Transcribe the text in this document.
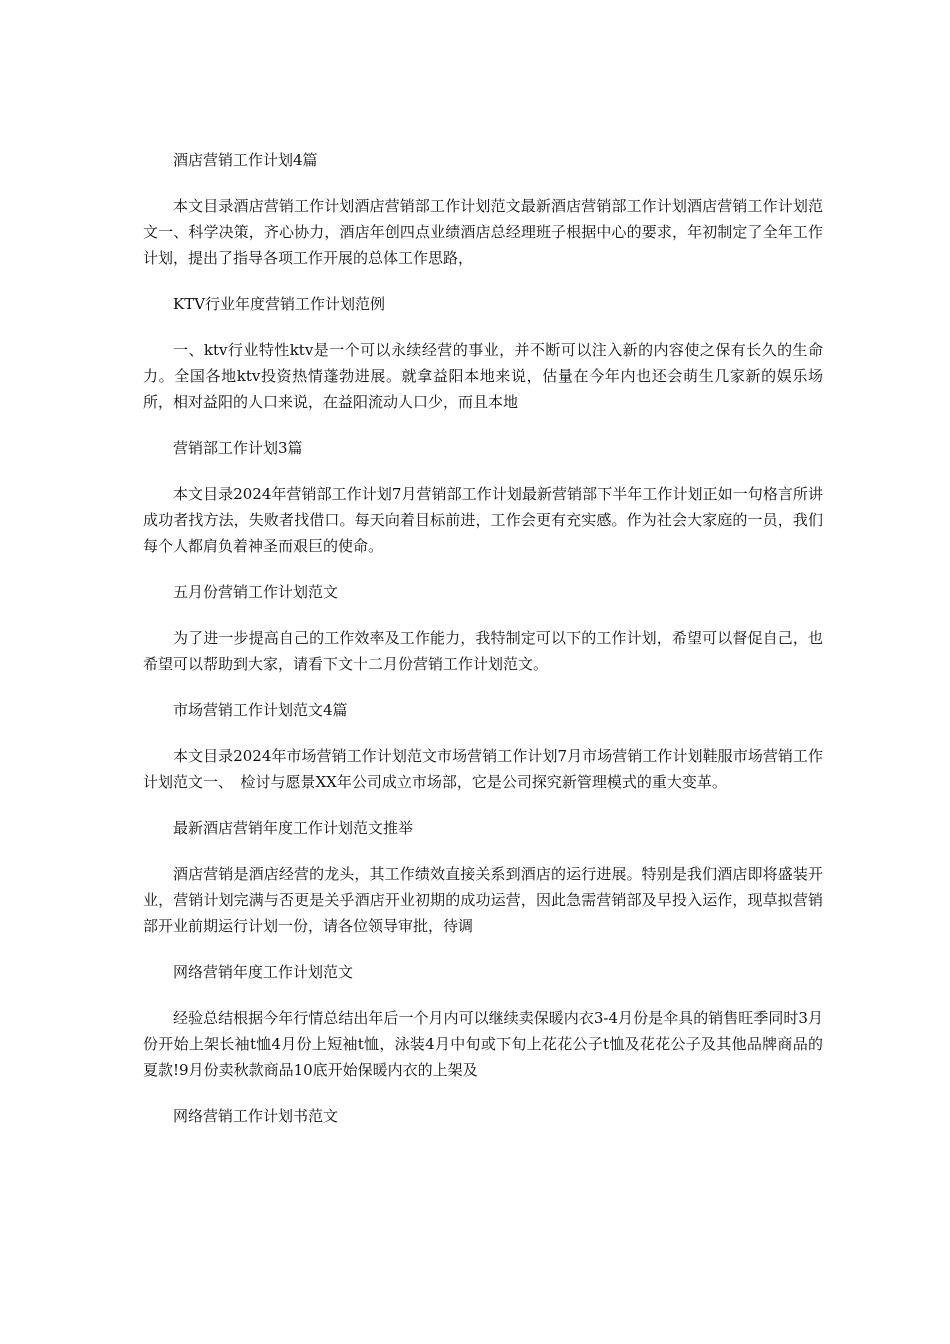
酒店营销工作计划4篇

本文目录酒店营销工作计划酒店营销部工作计划范文最新酒店营销部工作计划酒店营销工作计划范文一、科学决策，齐心协力，酒店年创四点业绩酒店总经理班子根据中心的要求，年初制定了全年工作计划，提出了指导各项工作开展的总体工作思路，

KTV行业年度营销工作计划范例

一、ktv行业特性ktv是一个可以永续经营的事业，并不断可以注入新的内容使之保有长久的生命力。全国各地ktv投资热情蓬勃进展。就拿益阳本地来说，估量在今年内也还会萌生几家新的娱乐场所，相对益阳的人口来说，在益阳流动人口少，而且本地

营销部工作计划3篇

本文目录2024年营销部工作计划7月营销部工作计划最新营销部下半年工作计划正如一句格言所讲成功者找方法，失败者找借口。每天向着目标前进，工作会更有充实感。作为社会大家庭的一员，我们每个人都肩负着神圣而艰巨的使命。

五月份营销工作计划范文

为了进一步提高自己的工作效率及工作能力，我特制定可以下的工作计划，希望可以督促自己，也希望可以帮助到大家，请看下文十二月份营销工作计划范文。

市场营销工作计划范文4篇

本文目录2024年市场营销工作计划范文市场营销工作计划7月市场营销工作计划鞋服市场营销工作计划范文一、　检讨与愿景XX年公司成立市场部，它是公司探究新管理模式的重大变革。

最新酒店营销年度工作计划范文推举

酒店营销是酒店经营的龙头，其工作绩效直接关系到酒店的运行进展。特别是我们酒店即将盛装开业，营销计划完满与否更是关乎酒店开业初期的成功运营，因此急需营销部及早投入运作，现草拟营销部开业前期运行计划一份，请各位领导审批，待调

网络营销年度工作计划范文

经验总结根据今年行情总结出年后一个月内可以继续卖保暖内衣3-4月份是伞具的销售旺季同时3月份开始上架长袖t恤4月份上短袖t恤，泳装4月中旬或下旬上花花公子t恤及花花公子及其他品牌商品的夏款!9月份卖秋款商品10底开始保暖内衣的上架及

网络营销工作计划书范文
